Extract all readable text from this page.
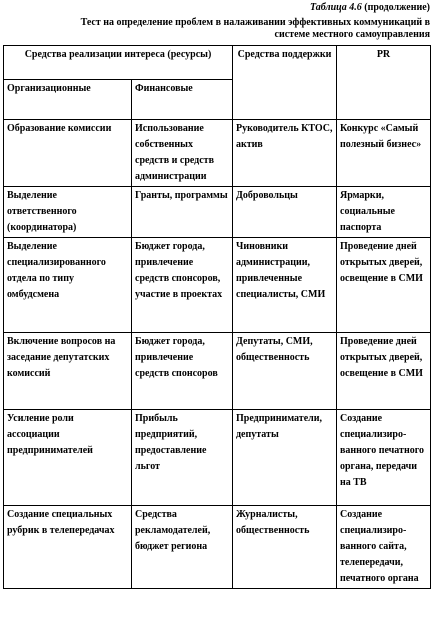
Таблица 4.6 (продолжение)
Тест на определение проблем в налаживании эффективных коммуникаций в системе местного самоуправления
Средства реализации интереса (ресурсы)		Средства поддержки	PR
Организационные	Финансовые		
Образование комиссии	Использование собственных средств и средств администрации	Руководитель КТОС, актив	Конкурс «Самый полезный бизнес»
Выделение ответственного (координатора)	Гранты, программы	Добровольцы	Ярмарки, социальные паспорта
Выделение специализированного отдела по типу омбудсмена	Бюджет города, привлечение средств спонсоров, участие в проектах	Чиновники администрации, привлеченные специалисты, СМИ	Проведение дней открытых дверей, освещение в СМИ
Включение вопросов на заседание депутатских комиссий	Бюджет города, привлечение средств спонсоров	Депутаты, СМИ, общественность	Проведение дней открытых дверей, освещение в СМИ
Усиление роли ассоциации предпринимателей	Прибыль предприятий, предоставление льгот	Предприниматели, депутаты	Создание специализиро-ванного печатного органа, передачи на ТВ
Создание специальных рубрик в телепередачах	Средства рекламодателей, бюджет региона	Журналисты, общественность	Создание специализиро-ванного сайта, телепередачи, печатного органа
